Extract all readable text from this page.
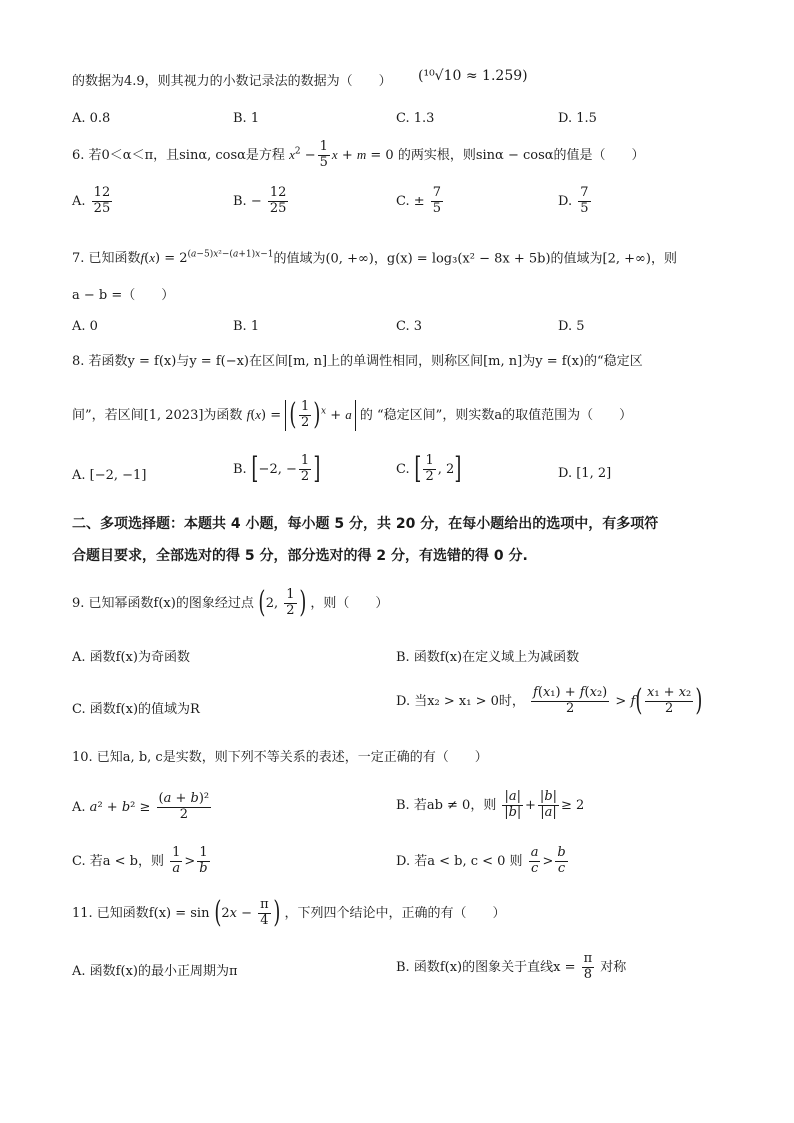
的数据为4.9，则其视力的小数记录法的数据为（　　） (¹⁰√10 ≈ 1.259)
A. 0.8	B. 1	C. 1.3	D. 1.5
6. 若0＜α＜π，且sinα, cosα是方程 $x^2 - \frac{1}{5}$ x + m = 0 的两实根，则sinα − cosα的值是（　　）
A. $\frac{12}{25}$	B. − $\frac{12}{25}$	C. ± $\frac{7}{5}$	D. $\frac{7}{5}$
7. 已知函数$f(x) = 2^{(a-5)x^2-(a+1)x-1}$的值域为(0, +∞)，g(x) = log₃(x² − 8x + 5b)的值域为[2, +∞)，则
a − b =（　　）
A. 0	B. 1	C. 3	D. 5
8. 若函数y = f(x)与y = f(−x)在区间[m, n]上的单调性相同，则称区间[m, n]为y = f(x)的“稳定区
间”，若区间[1, 2023]为函数 f(x) = ( $\frac{1}{2} )^x + a$ 的 “稳定区间”，则实数a的取值范围为（　　）
A. [−2, −1]	B. [−2, − $\frac{1}{2}$ ]	C. [ $\frac{1}{2}$ , 2]	D. [1, 2]
二、多项选择题：本题共 4 小题，每小题 5 分，共 20 分，在每小题给出的选项中，有多项符
合题目要求，全部选对的得 5 分，部分选对的得 2 分，有选错的得 0 分.
9. 已知幂函数f(x)的图象经过点 (2, $\frac{1}{2}$ ) ，则（　　）
A. 函数f(x)为奇函数	B. 函数f(x)在定义域上为减函数
C. 函数f(x)的值域为R
D. 当x₂ > x₁ > 0时， $\frac{\text{f(x₁) + f(x₂)}}{2} > f( \frac{\text{x₁ + x₂}}{2}$ )
10. 已知a, b, c是实数，则下列不等关系的表述，一定正确的有（　　）
A. $a^2 + b^2 \ge \frac{\text{(a + b)²}}{2}$	B. 若ab ≠ 0，则 $\frac{|a|}{|b|} + \frac{|b|}{|a|} \ge 2$
C. 若a < b，则 $\frac{1}{a} > \frac{1}{b}$	D. 若a < b, c < 0 则 $\frac{a}{c} > \frac{b}{c}$
11. 已知函数$f(x) = \sin (2x - \frac{\pi}{4}$ ) ，下列四个结论中，正确的有（　　）
A. 函数f(x)的最小正周期为π	B. 函数f(x)的图象关于直线$x = \frac{\pi}{8}$ 对称
